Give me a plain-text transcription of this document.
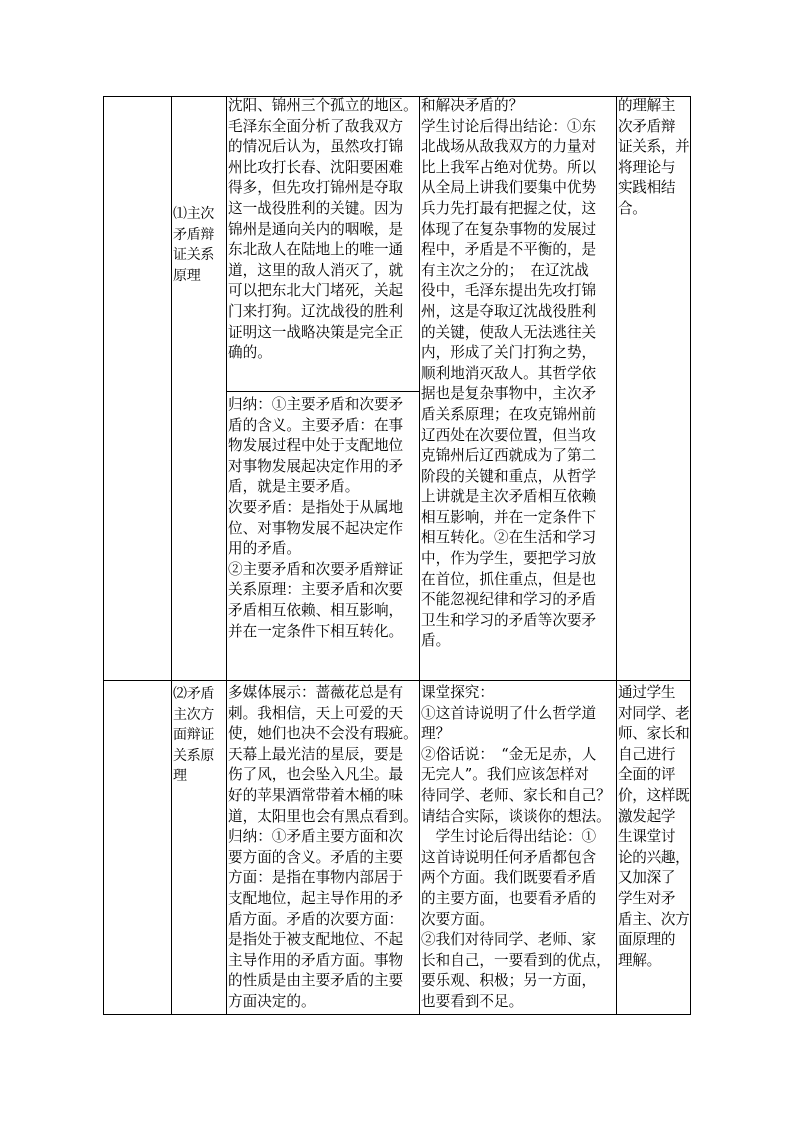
⑴主次
矛盾辩
证关系
原理
沈阳、锦州三个孤立的地区。
毛泽东全面分析了敌我双方
的情况后认为，虽然攻打锦
州比攻打长春、沈阳要困难
得多，但先攻打锦州是夺取
这一战役胜利的关键。因为
锦州是通向关内的咽喉，是
东北敌人在陆地上的唯一通
道，这里的敌人消灭了，就
可以把东北大门堵死，关起
门来打狗。辽沈战役的胜利
证明这一战略决策是完全正
确的。
归纳：①主要矛盾和次要矛
盾的含义。主要矛盾：在事
物发展过程中处于支配地位
对事物发展起决定作用的矛
盾，就是主要矛盾。
次要矛盾：是指处于从属地
位、对事物发展不起决定作
用的矛盾。
②主要矛盾和次要矛盾辩证
关系原理：主要矛盾和次要
矛盾相互依赖、相互影响，
并在一定条件下相互转化。
和解决矛盾的？
学生讨论后得出结论：①东
北战场从敌我双方的力量对
比上我军占绝对优势。所以
从全局上讲我们要集中优势
兵力先打最有把握之仗，这
体现了在复杂事物的发展过
程中，矛盾是不平衡的，是
有主次之分的；　在辽沈战
役中，毛泽东提出先攻打锦
州，这是夺取辽沈战役胜利
的关键，使敌人无法逃往关
内，形成了关门打狗之势，
顺利地消灭敌人。其哲学依
据也是复杂事物中，主次矛
盾关系原理；在攻克锦州前
辽西处在次要位置，但当攻
克锦州后辽西就成为了第二
阶段的关键和重点，从哲学
上讲就是主次矛盾相互依赖
相互影响，并在一定条件下
相互转化。②在生活和学习
中，作为学生，要把学习放
在首位，抓住重点，但是也
不能忽视纪律和学习的矛盾
卫生和学习的矛盾等次要矛
盾。
的理解主
次矛盾辩
证关系，并
将理论与
实践相结
合。
⑵矛盾
主次方
面辩证
关系原
理
多媒体展示：蔷薇花总是有
刺。我相信，天上可爱的天
使，她们也决不会没有瑕疵。
天幕上最光洁的星辰，要是
伤了风，也会坠入凡尘。最
好的苹果酒常带着木桶的味
道，太阳里也会有黑点看到。
归纳：①矛盾主要方面和次
要方面的含义。矛盾的主要
方面：是指在事物内部居于
支配地位，起主导作用的矛
盾方面。矛盾的次要方面：
是指处于被支配地位、不起
主导作用的矛盾方面。事物
的性质是由主要矛盾的主要
方面决定的。
课堂探究：
①这首诗说明了什么哲学道
理？
②俗话说：　“金无足赤，人
无完人”。我们应该怎样对
待同学、老师、家长和自己？
请结合实际，谈谈你的想法。
　学生讨论后得出结论：①
这首诗说明任何矛盾都包含
两个方面。我们既要看矛盾
的主要方面，也要看矛盾的
次要方面。
②我们对待同学、老师、家
长和自己，一要看到的优点，
要乐观、积极；另一方面，
也要看到不足。
通过学生
对同学、老
师、家长和
自己进行
全面的评
价，这样既
激发起学
生课堂讨
论的兴趣，
又加深了
学生对矛
盾主、次方
面原理的
理解。
